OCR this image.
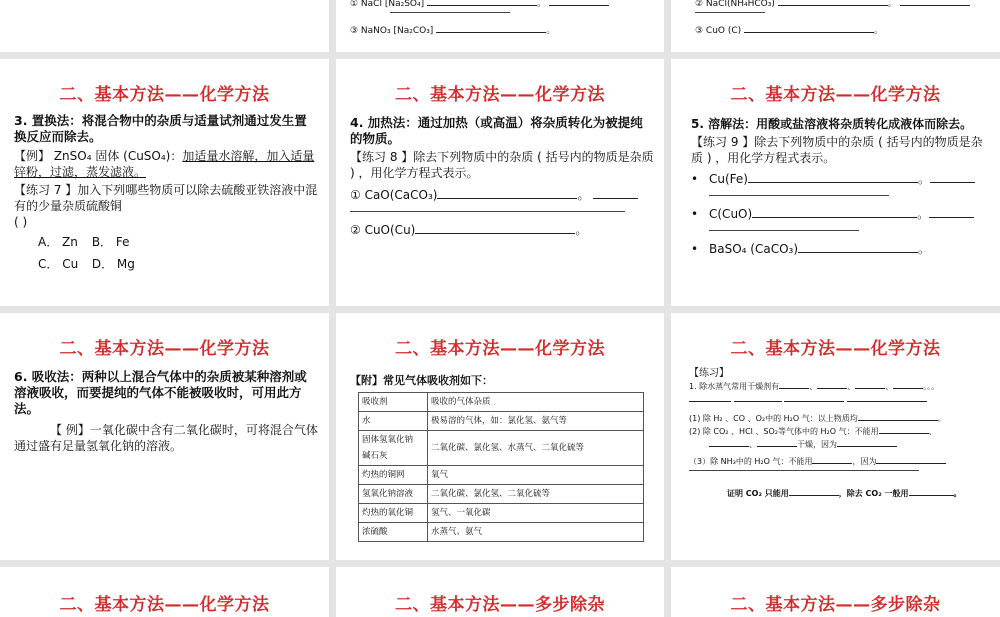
① NaCl [Na₂SO₄]	。

③ NaNO₃ [Na₂CO₃]	。

② NaCl(NH₄HCO₃)	。

③ CuO (C)	。

二、基本方法——化学方法

3. 置换法：将混合物中的杂质与适量试剂通过发生置换反应而除去。

【例】 ZnSO₄ 固体 (CuSO₄)：加适量水溶解，加入适量锌粉，过滤，蒸发滤液。

【练习 7 】加入下列哪些物质可以除去硫酸亚铁溶液中混有的少量杂质硫酸铜

( )

A． Zn B． Fe

C． Cu D． Mg

二、基本方法——化学方法

4. 加热法：通过加热（或高温）将杂质转化为被提纯的物质。

【练习 8 】除去下列物质中的杂质 ( 括号内的物质是杂质 ) ，用化学方程式表示。

① CaO(CaCO₃)	。

② CuO(Cu)	。

二、基本方法——化学方法

5. 溶解法：用酸或盐溶液将杂质转化成液体而除去。

【练习 9 】除去下列物质中的杂质 ( 括号内的物质是杂质 ) ，用化学方程式表示。

• Cu(Fe)	。

• C(CuO)	。

• BaSO₄ (CaCO₃)	。

二、基本方法——化学方法

6. 吸收法：两种以上混合气体中的杂质被某种溶剂或溶液吸收，而要提纯的气体不能被吸收时，可用此方法。

【 例】一氧化碳中含有二氧化碳时，可将混合气体通过盛有足量氢氧化钠的溶液。

二、基本方法——化学方法

【附】常见气体吸收剂如下：

吸收剂	吸收的气体杂质
水	极易溶的气体，如：氯化氢、氨气等
固体氢氧化钠
碱石灰	二氧化碳、氯化氢、水蒸气、二氧化硫等
灼热的铜网	氧气
氢氧化钠溶液	二氧化碳、氯化氢、二氧化硫等
灼热的氧化铜	氢气、一氧化碳
浓硫酸	水蒸气、氨气
二、基本方法——化学方法

【练习】

1. 除水蒸气常用干燥剂有	、	、	、	。。。

(1) 除 H₂ 、CO 、O₂中的 H₂O 气：以上物质均	。

(2) 除 CO₂ 、HCl 、SO₂等气体中的 H₂O 气：不能用	、

、	干燥，因为

（3）除 NH₃中的 H₂O 气：不能用	，因为

证明 CO₂ 只能用	，除去 CO₂ 一般用	。

二、基本方法——化学方法	二、基本方法——多步除杂	二、基本方法——多步除杂
